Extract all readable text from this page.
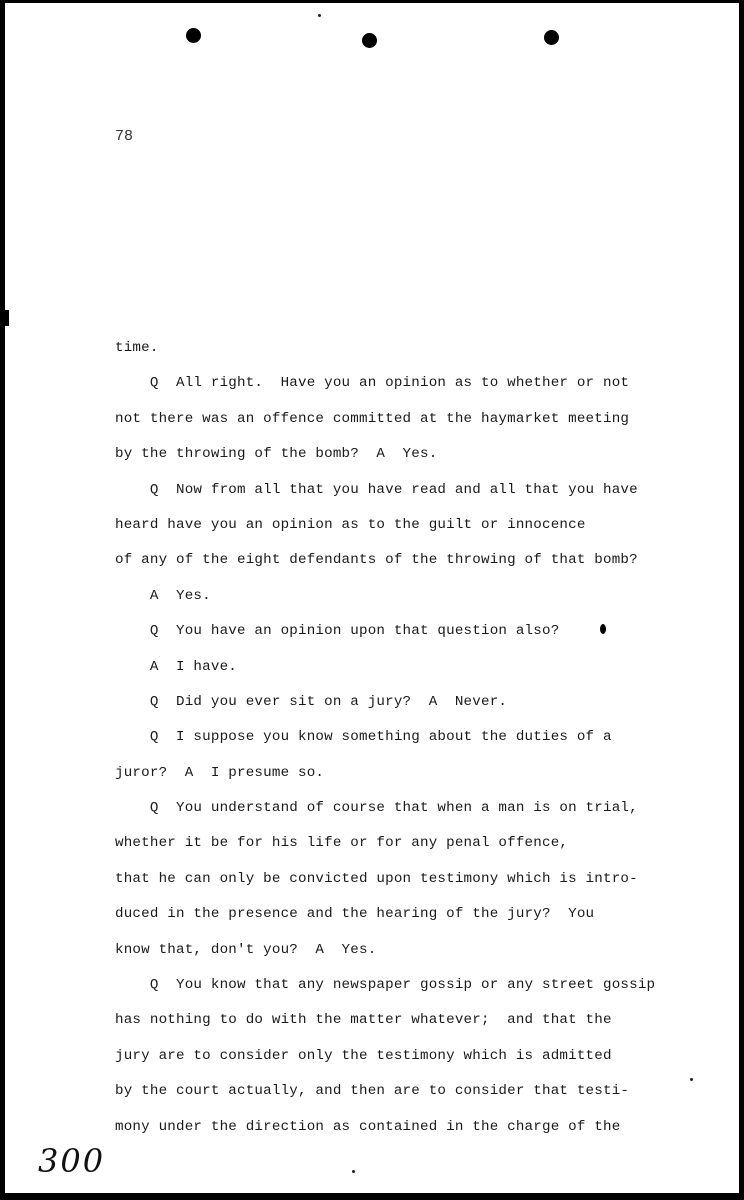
78
time.
Q  All right.  Have you an opinion as to whether or not
not there was an offence committed at the haymarket meeting
by the throwing of the bomb?  A  Yes.
Q  Now from all that you have read and all that you have
heard have you an opinion as to the guilt or innocence
of any of the eight defendants of the throwing of that bomb?
A  Yes.
Q  You have an opinion upon that question also?
A  I have.
Q  Did you ever sit on a jury?  A  Never.
Q  I suppose you know something about the duties of a
juror?  A  I presume so.
Q  You understand of course that when a man is on trial,
whether it be for his life or for any penal offence,
that he can only be convicted upon testimony which is intro-
duced in the presence and the hearing of the jury?  You
know that, don't you?  A  Yes.
Q  You know that any newspaper gossip or any street gossip
has nothing to do with the matter whatever;  and that the
jury are to consider only the testimony which is admitted
by the court actually, and then are to consider that testi-
mony under the direction as contained in the charge of the
300
